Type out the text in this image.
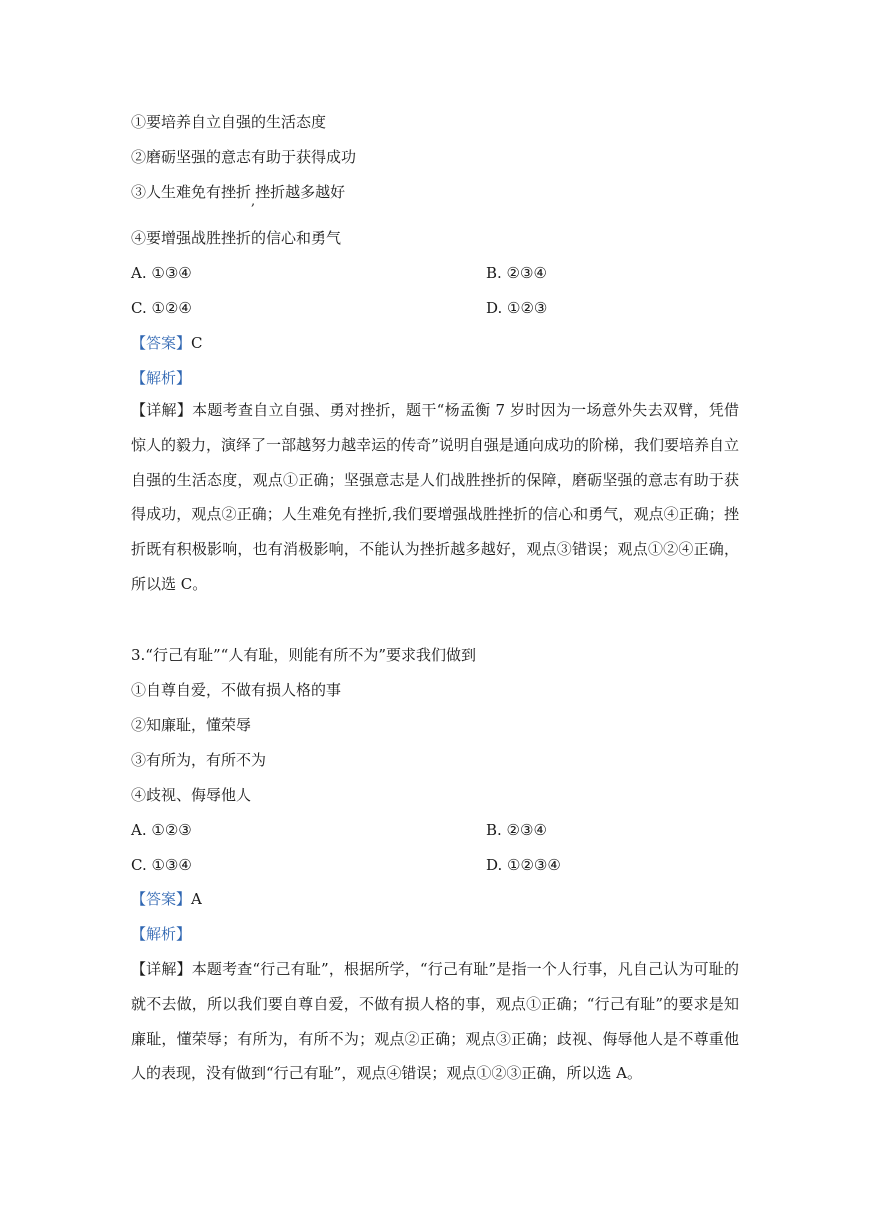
①要培养自立自强的生活态度
②磨砺坚强的意志有助于获得成功
③人生难免有挫折,挫折越多越好
④要增强战胜挫折的信心和勇气
A. ①③④	B. ②③④
C. ①②④	D. ①②③
【答案】C
【解析】
【详解】本题考查自立自强、勇对挫折，题干“杨孟衡 7 岁时因为一场意外失去双臂，凭借惊人的毅力，演绎了一部越努力越幸运的传奇”说明自强是通向成功的阶梯，我们要培养自立自强的生活态度，观点①正确；坚强意志是人们战胜挫折的保障，磨砺坚强的意志有助于获得成功，观点②正确；人生难免有挫折,我们要增强战胜挫折的信心和勇气，观点④正确；挫折既有积极影响，也有消极影响，不能认为挫折越多越好，观点③错误；观点①②④正确，所以选 C。
3.“行己有耻”“人有耻，则能有所不为”要求我们做到
①自尊自爱，不做有损人格的事
②知廉耻，懂荣辱
③有所为，有所不为
④歧视、侮辱他人
A. ①②③	B. ②③④
C. ①③④	D. ①②③④
【答案】A
【解析】
【详解】本题考查“行己有耻”，根据所学，“行己有耻”是指一个人行事，凡自己认为可耻的就不去做，所以我们要自尊自爱，不做有损人格的事，观点①正确；“行己有耻”的要求是知廉耻，懂荣辱；有所为，有所不为；观点②正确；观点③正确；歧视、侮辱他人是不尊重他人的表现，没有做到“行己有耻”，观点④错误；观点①②③正确，所以选 A。
